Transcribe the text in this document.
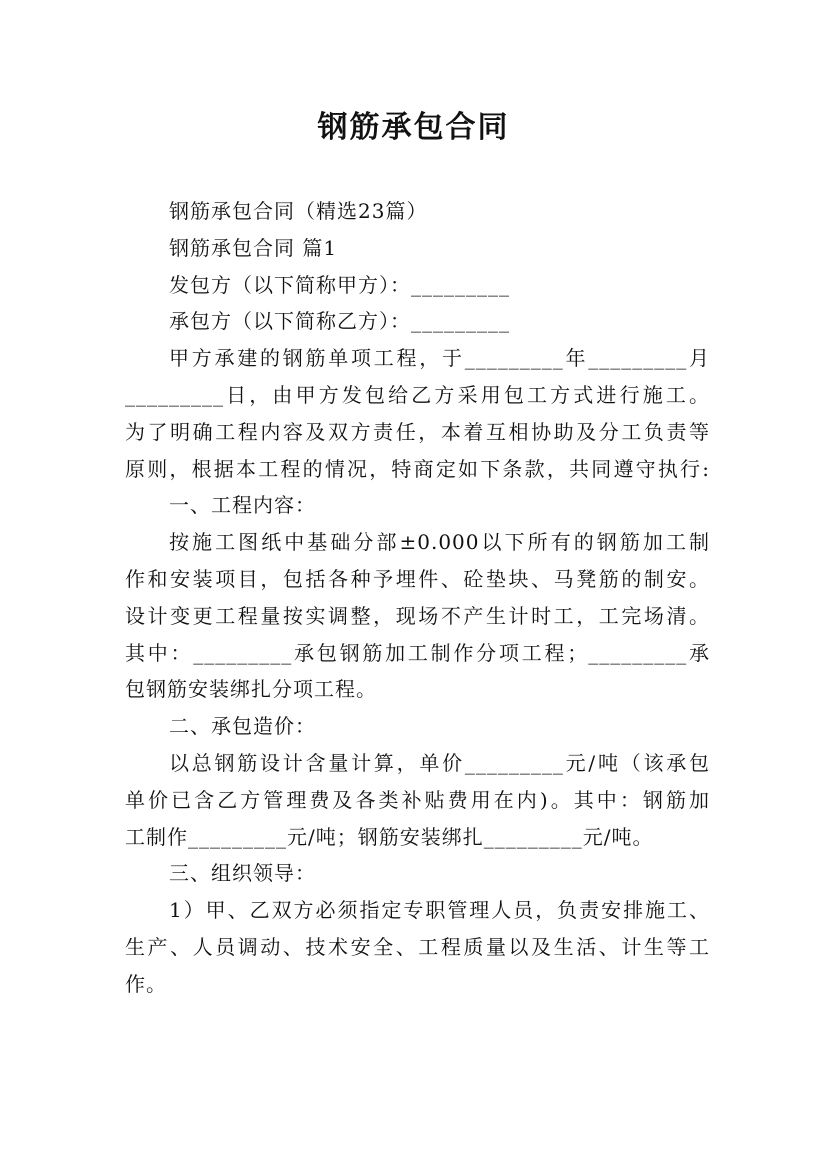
钢筋承包合同

钢筋承包合同（精选23篇）

钢筋承包合同 篇1

发包方（以下简称甲方）：_________

承包方（以下简称乙方）：_________

甲方承建的钢筋单项工程，于_________年_________月

_________日，由甲方发包给乙方采用包工方式进行施工。

为了明确工程内容及双方责任，本着互相协助及分工负责等

原则，根据本工程的情况，特商定如下条款，共同遵守执行:

一、工程内容：

按施工图纸中基础分部±0.000以下所有的钢筋加工制

作和安装项目，包括各种予埋件、砼垫块、马凳筋的制安。

设计变更工程量按实调整，现场不产生计时工，工完场清。

其中：_________承包钢筋加工制作分项工程；_________承

包钢筋安装绑扎分项工程。

二、承包造价：

以总钢筋设计含量计算，单价_________元/吨（该承包

单价已含乙方管理费及各类补贴费用在内)。其中：钢筋加

工制作_________元/吨；钢筋安装绑扎_________元/吨。

三、组织领导：

1）甲、乙双方必须指定专职管理人员，负责安排施工、

生产、人员调动、技术安全、工程质量以及生活、计生等工

作。
